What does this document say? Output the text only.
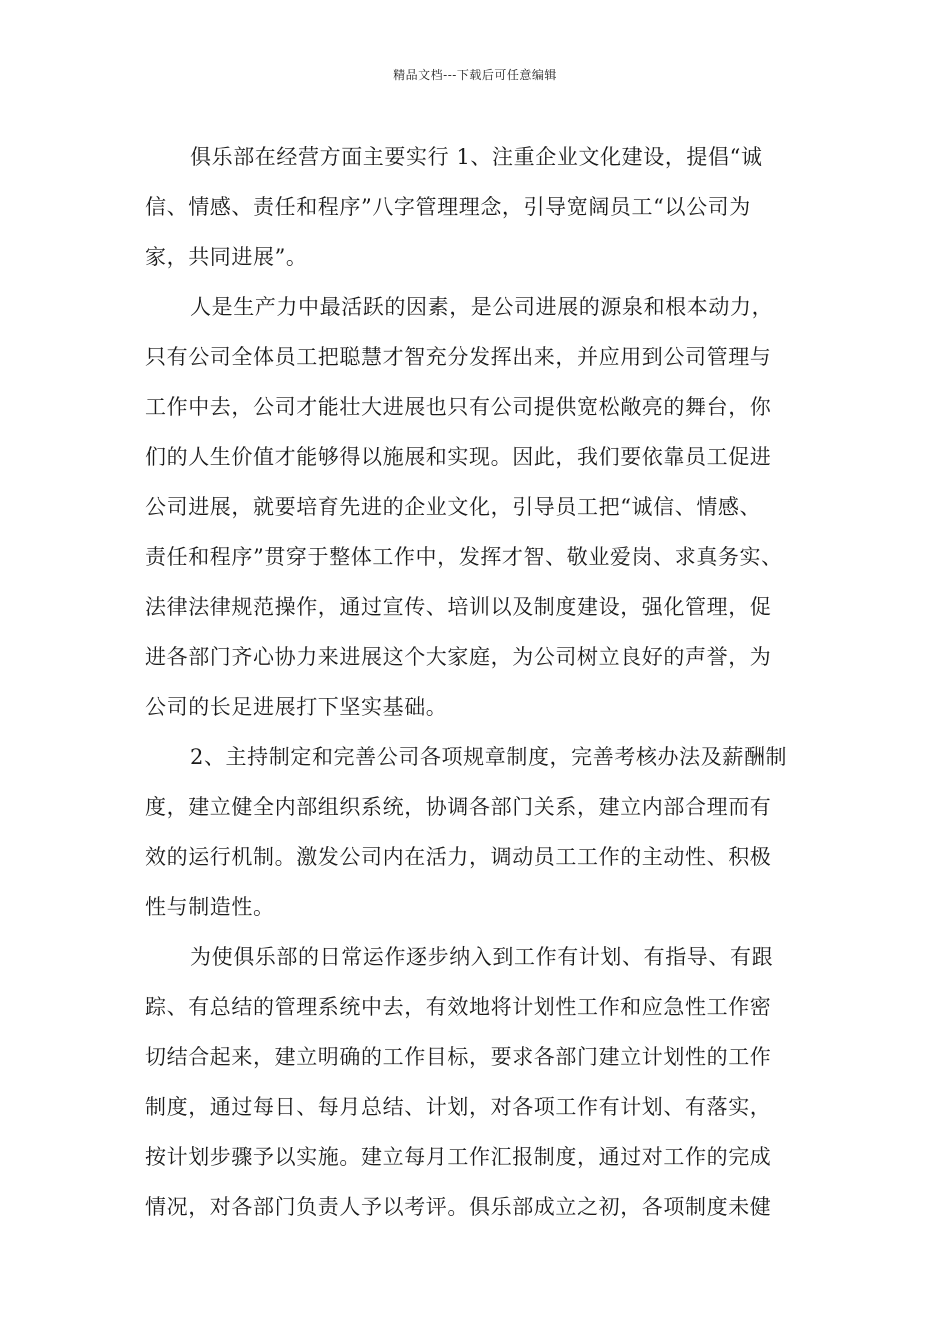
精品文档---下载后可任意编辑

俱乐部在经营方面主要实行 1、注重企业文化建设，提倡“诚
信、情感、责任和程序”八字管理理念，引导宽阔员工“以公司为
家，共同进展”。

人是生产力中最活跃的因素，是公司进展的源泉和根本动力，
只有公司全体员工把聪慧才智充分发挥出来，并应用到公司管理与
工作中去，公司才能壮大进展也只有公司提供宽松敞亮的舞台，你
们的人生价值才能够得以施展和实现。因此，我们要依靠员工促进
公司进展，就要培育先进的企业文化，引导员工把“诚信、情感、
责任和程序”贯穿于整体工作中，发挥才智、敬业爱岗、求真务实、
法律法律规范操作，通过宣传、培训以及制度建设，强化管理，促
进各部门齐心协力来进展这个大家庭，为公司树立良好的声誉，为
公司的长足进展打下坚实基础。

2、主持制定和完善公司各项规章制度，完善考核办法及薪酬制
度，建立健全内部组织系统，协调各部门关系，建立内部合理而有
效的运行机制。激发公司内在活力，调动员工工作的主动性、积极
性与制造性。

为使俱乐部的日常运作逐步纳入到工作有计划、有指导、有跟
踪、有总结的管理系统中去，有效地将计划性工作和应急性工作密
切结合起来，建立明确的工作目标，要求各部门建立计划性的工作
制度，通过每日、每月总结、计划，对各项工作有计划、有落实，
按计划步骤予以实施。建立每月工作汇报制度，通过对工作的完成
情况，对各部门负责人予以考评。俱乐部成立之初，各项制度未健
